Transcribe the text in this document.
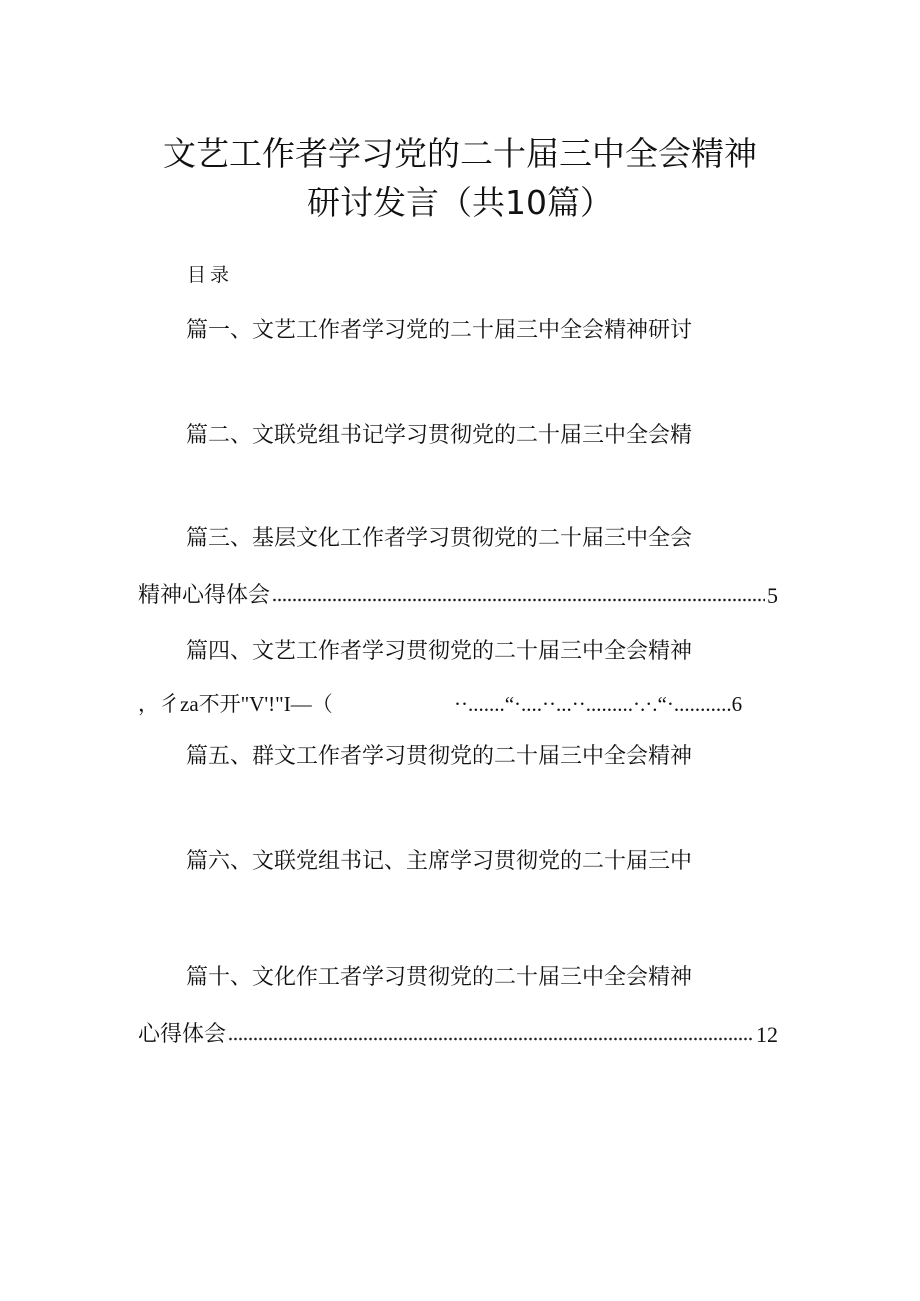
文艺工作者学习党的二十届三中全会精神
研讨发言（共10篇）
目录
篇一、文艺工作者学习党的二十届三中全会精神研讨
篇二、文联党组书记学习贯彻党的二十届三中全会精
篇三、基层文化工作者学习贯彻党的二十届三中全会
精神心得体会	5
篇四、文艺工作者学习贯彻党的二十届三中全会精神
，彳za不开"V'!"I—（	··.......“·....··...··.........·.·.“·...........6
篇五、群文工作者学习贯彻党的二十届三中全会精神
篇六、文联党组书记、主席学习贯彻党的二十届三中
篇十、文化作工者学习贯彻党的二十届三中全会精神
心得体会	12
